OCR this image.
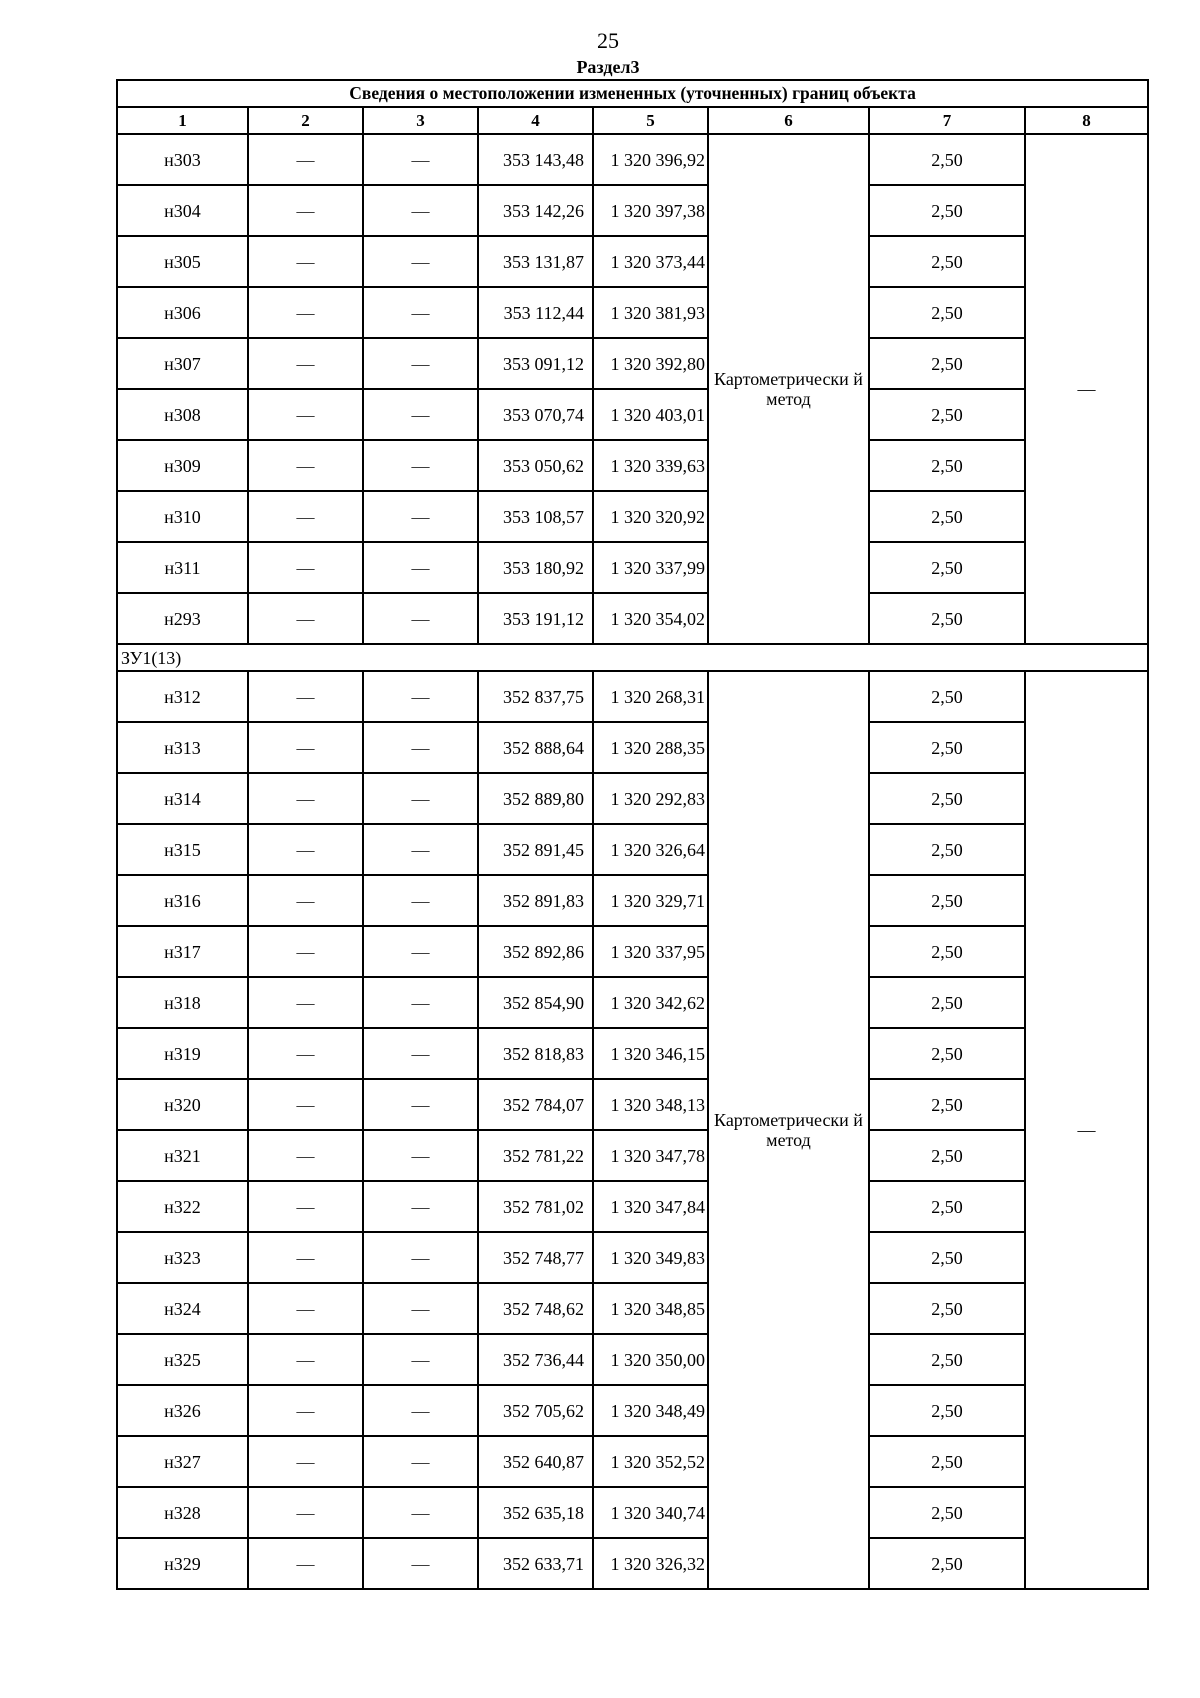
25
Раздел3
Сведения о местоположении измененных (уточненных) границ объекта							
1	2	3	4	5	6	7	8
н303	—	—	353 143,48	1 320 396,92	Картометрически й метод	2,50	—
н304	—	—	353 142,26	1 320 397,38		2,50	
н305	—	—	353 131,87	1 320 373,44		2,50	
н306	—	—	353 112,44	1 320 381,93		2,50	
н307	—	—	353 091,12	1 320 392,80		2,50	
н308	—	—	353 070,74	1 320 403,01		2,50	
н309	—	—	353 050,62	1 320 339,63		2,50	
н310	—	—	353 108,57	1 320 320,92		2,50	
н311	—	—	353 180,92	1 320 337,99		2,50	
н293	—	—	353 191,12	1 320 354,02		2,50	
ЗУ1(13)							
н312	—	—	352 837,75	1 320 268,31	Картометрически й метод	2,50	—
н313	—	—	352 888,64	1 320 288,35		2,50	
н314	—	—	352 889,80	1 320 292,83		2,50	
н315	—	—	352 891,45	1 320 326,64		2,50	
н316	—	—	352 891,83	1 320 329,71		2,50	
н317	—	—	352 892,86	1 320 337,95		2,50	
н318	—	—	352 854,90	1 320 342,62		2,50	
н319	—	—	352 818,83	1 320 346,15		2,50	
н320	—	—	352 784,07	1 320 348,13		2,50	
н321	—	—	352 781,22	1 320 347,78		2,50	
н322	—	—	352 781,02	1 320 347,84		2,50	
н323	—	—	352 748,77	1 320 349,83		2,50	
н324	—	—	352 748,62	1 320 348,85		2,50	
н325	—	—	352 736,44	1 320 350,00		2,50	
н326	—	—	352 705,62	1 320 348,49		2,50	
н327	—	—	352 640,87	1 320 352,52		2,50	
н328	—	—	352 635,18	1 320 340,74		2,50	
н329	—	—	352 633,71	1 320 326,32		2,50	
